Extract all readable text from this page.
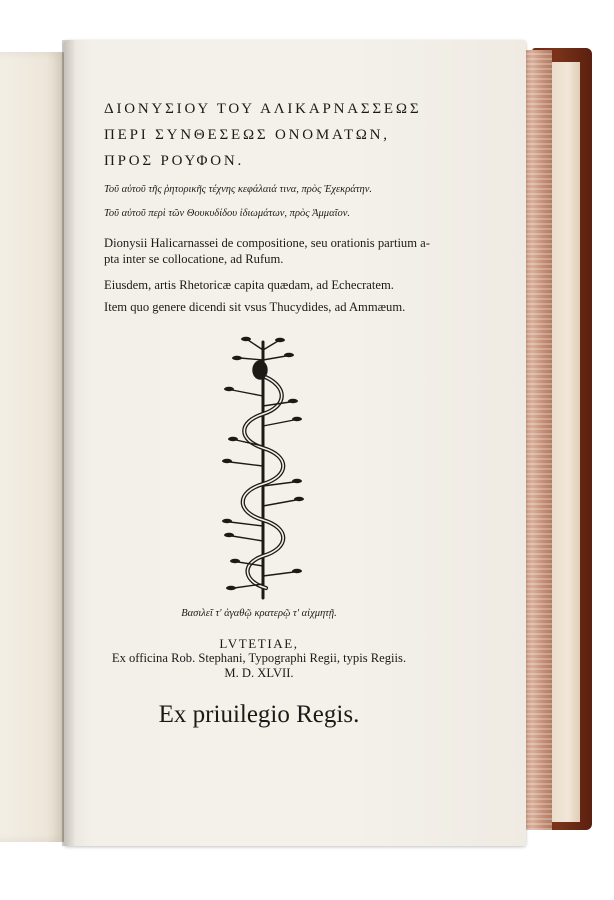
ΔΙΟΝΥΣΙΟΥ ΤΟΥ ΑΛΙΚΑΡΝΑΣΣΕΩΣ
ΠΕΡΙ ΣΥΝΘΕΣΕΩΣ ΟΝΟΜΑΤΩΝ,
ΠΡΟΣ ΡΟΥΦΟΝ.
Τοῦ αὐτοῦ τῆς ῥητορικῆς τέχνης κεφάλαιά τινα, πρὸς Ἐχεκράτην.
Τοῦ αὐτοῦ περὶ τῶν Θουκυδίδου ἰδιωμάτων, πρὸς Ἀμμαῖον.
Dionysii Halicarnassei de compositione, seu orationis partium a-
pta inter se collocatione, ad Rufum.
Eiusdem, artis Rhetoricæ capita quædam, ad Echecratem.
Item quo genere dicendi sit vsus Thucydides, ad Ammæum.
Βασιλεῖ τ' ἀγαθῷ κρατερῷ τ' αἰχμητῇ.
LVTETIAE,
Ex officina Rob. Stephani, Typographi Regii, typis Regiis.
M. D. XLVII.
Ex priuilegio Regis.
